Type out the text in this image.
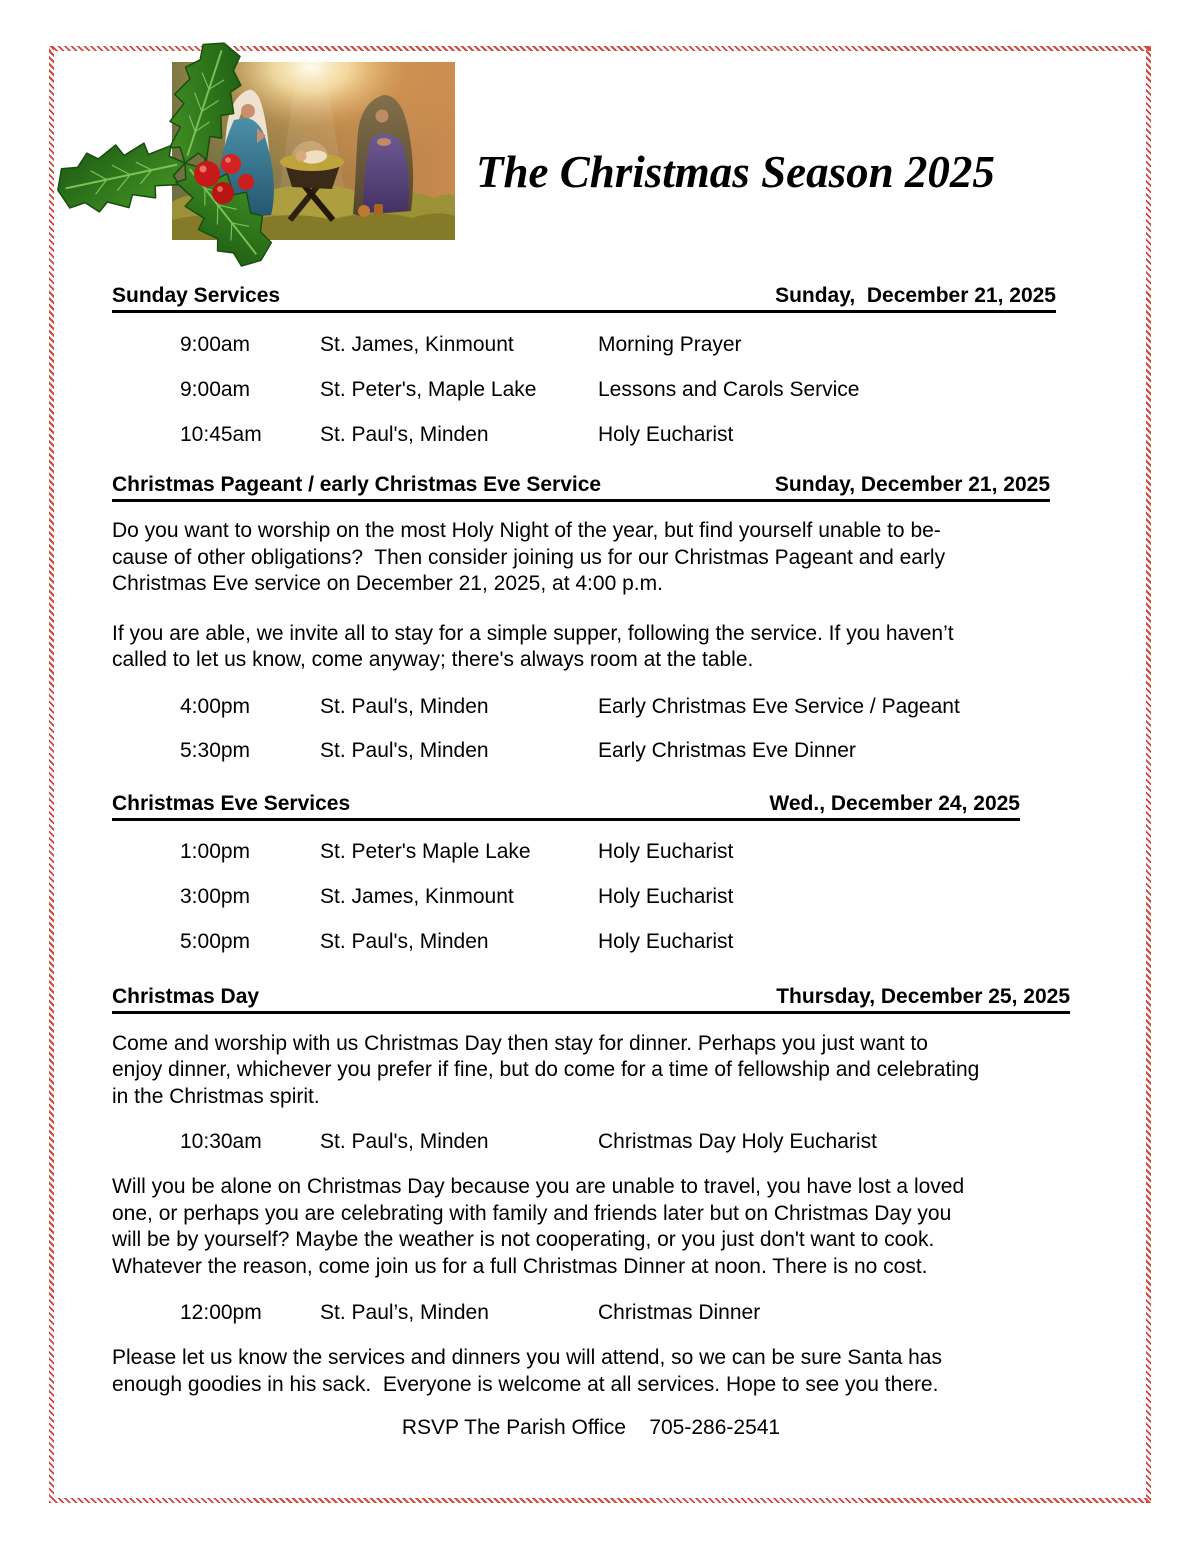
The Christmas Season 2025
Sunday Services	Sunday,  December 21, 2025
9:00am	St. James, Kinmount	Morning Prayer
9:00am	St. Peter's, Maple Lake	Lessons and Carols Service
10:45am	St. Paul's, Minden	Holy Eucharist
Christmas Pageant / early Christmas Eve Service	Sunday, December 21, 2025
Do you want to worship on the most Holy Night of the year, but find yourself unable to be-
cause of other obligations?  Then consider joining us for our Christmas Pageant and early
Christmas Eve service on December 21, 2025, at 4:00 p.m.
If you are able, we invite all to stay for a simple supper, following the service. If you haven’t
called to let us know, come anyway; there's always room at the table.
4:00pm	St. Paul's, Minden	Early Christmas Eve Service / Pageant
5:30pm	St. Paul's, Minden	Early Christmas Eve Dinner
Christmas Eve Services	Wed., December 24, 2025
1:00pm	St. Peter's Maple Lake	Holy Eucharist
3:00pm	St. James, Kinmount	Holy Eucharist
5:00pm	St. Paul's, Minden	Holy Eucharist
Christmas Day	Thursday, December 25, 2025
Come and worship with us Christmas Day then stay for dinner. Perhaps you just want to
enjoy dinner, whichever you prefer if fine, but do come for a time of fellowship and celebrating
in the Christmas spirit.
10:30am	St. Paul's, Minden	Christmas Day Holy Eucharist
Will you be alone on Christmas Day because you are unable to travel, you have lost a loved
one, or perhaps you are celebrating with family and friends later but on Christmas Day you
will be by yourself? Maybe the weather is not cooperating, or you just don't want to cook.
Whatever the reason, come join us for a full Christmas Dinner at noon. There is no cost.
12:00pm	St. Paul’s, Minden	Christmas Dinner
Please let us know the services and dinners you will attend, so we can be sure Santa has
enough goodies in his sack.  Everyone is welcome at all services. Hope to see you there.
RSVP The Parish Office    705-286-2541
